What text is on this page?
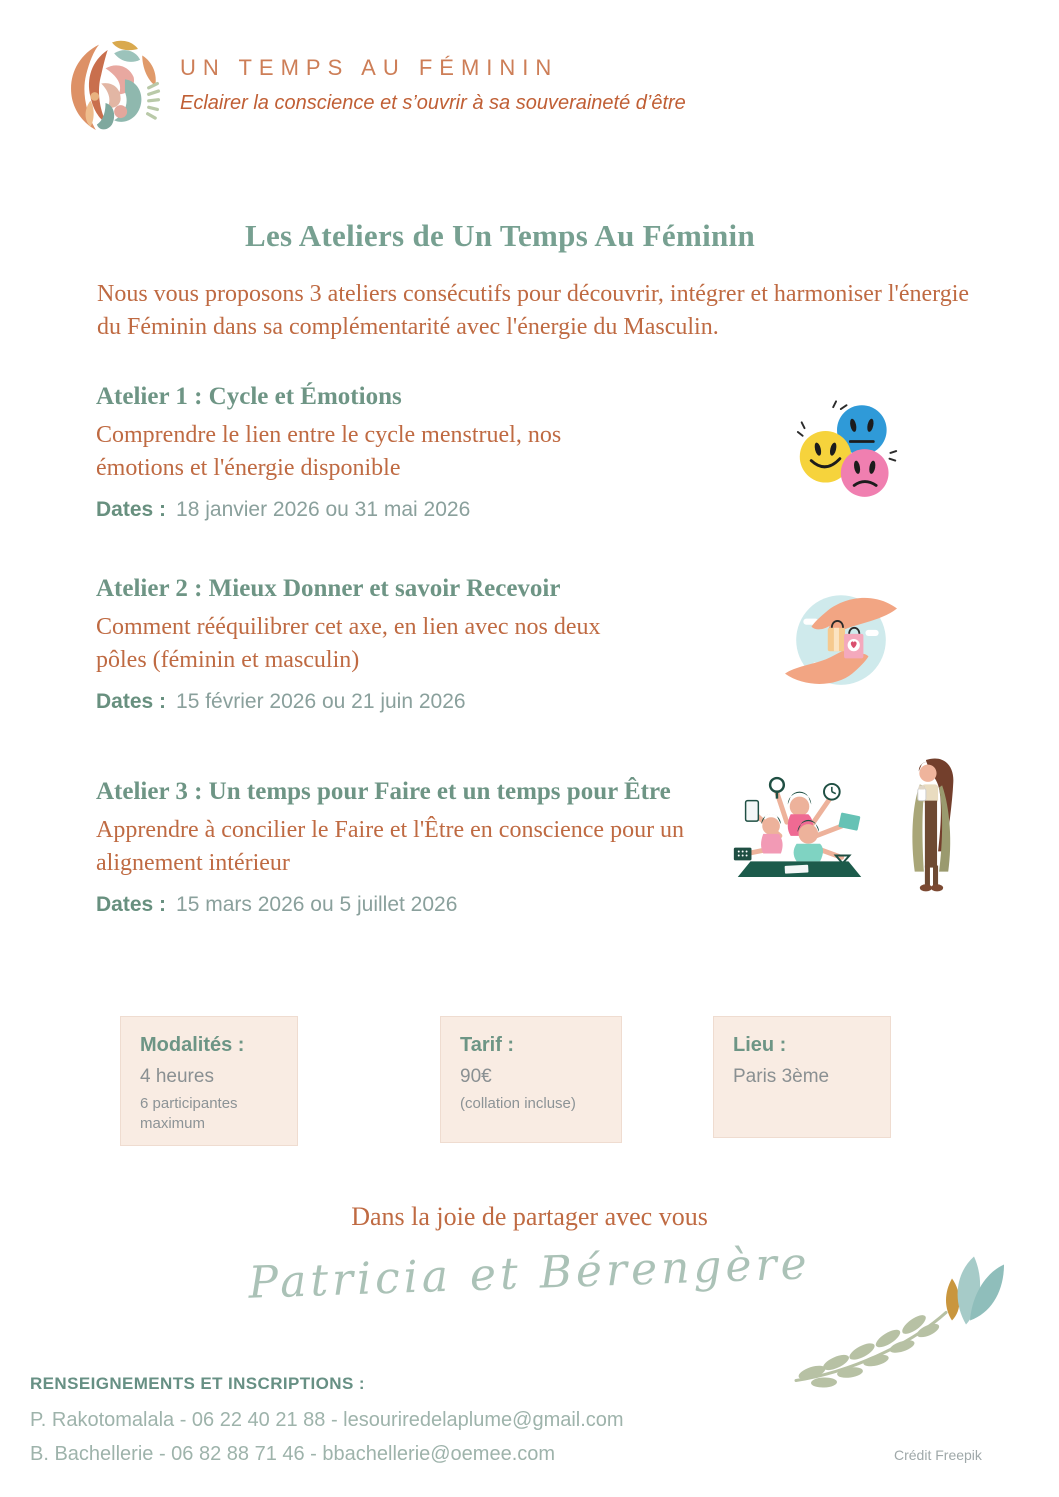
UN TEMPS AU FÉMININ
Eclairer la conscience et s’ouvrir à sa souveraineté d’être
Les Ateliers de Un Temps Au Féminin
Nous vous proposons 3 ateliers consécutifs pour découvrir, intégrer et harmoniser l'énergie du Féminin dans sa complémentarité avec l'énergie du Masculin.
Atelier 1 : Cycle et Émotions
Comprendre le lien entre le cycle menstruel, nos émotions et l'énergie disponible
Dates : 18 janvier 2026 ou 31 mai 2026
Atelier 2 : Mieux Donner et savoir Recevoir
Comment rééquilibrer cet axe, en lien avec nos deux pôles (féminin et masculin)
Dates : 15 février 2026 ou 21 juin 2026
Atelier 3 : Un temps pour Faire et un temps pour Être
Apprendre à concilier le Faire et l'Être en conscience pour un alignement intérieur
Dates : 15 mars 2026 ou 5 juillet 2026
Modalités :
4 heures
6 participantes maximum
Tarif :
90€
(collation incluse)
Lieu :
Paris 3ème
Dans la joie de partager avec vous
Patricia et Bérengère
RENSEIGNEMENTS ET INSCRIPTIONS :
P. Rakotomalala - 06 22 40 21 88 - lesouriredelaplume@gmail.com
B. Bachellerie - 06 82 88 71 46 - bbachellerie@oemee.com	Crédit Freepik
